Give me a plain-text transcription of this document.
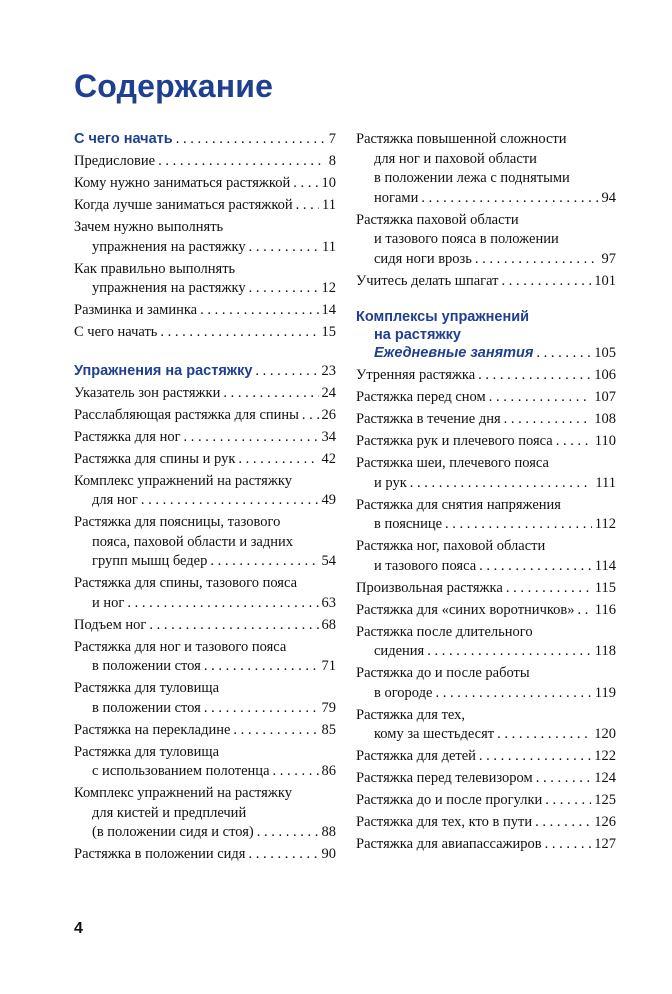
Содержание
С чего начать . . .	7
Предисловие . . .	8
Кому нужно заниматься растяжкой . . . 10
Когда лучше заниматься растяжкой . . . 11
Зачем нужно выполнять
упражнения на растяжку . . .	11
Как правильно выполнять
упражнения на растяжку . . .	12
Разминка и заминка . . .	14
С чего начать . . .	15
Упражнения на растяжку . . .	23
Указатель зон растяжки . . .	24
Расслабляющая растяжка для спины . . . 26
Растяжка для ног . . .	34
Растяжка для спины и рук . . .	42
Комплекс упражнений на растяжку
для ног . . .	49
Растяжка для поясницы, тазового
пояса, паховой области и задних
групп мышц бедер . . .	54
Растяжка для спины, тазового пояса
и ног . . .	63
Подъем ног . . .	68
Растяжка для ног и тазового пояса
в положении стоя . . .	71
Растяжка для туловища
в положении стоя . . .	79
Растяжка на перекладине . . .	85
Растяжка для туловища
с использованием полотенца . . .	86
Комплекс упражнений на растяжку
для кистей и предплечий
(в положении сидя и стоя) . . .	88
Растяжка в положении сидя . . .	90
Растяжка повышенной сложности
для ног и паховой области
в положении лежа с поднятыми
ногами . . .	94
Растяжка паховой области
и тазового пояса в положении
сидя ноги врозь . . .	97
Учитесь делать шпагат . . .	101
Комплексы упражнений
на растяжку
Ежедневные занятия . . .	105
Утренняя растяжка . . .	106
Растяжка перед сном . . .	107
Растяжка в течение дня . . .	108
Растяжка рук и плечевого пояса . . .	110
Растяжка шеи, плечевого пояса
и рук . . .	111
Растяжка для снятия напряжения
в пояснице . . .	112
Растяжка ног, паховой области
и тазового пояса . . .	114
Произвольная растяжка . . .	115
Растяжка для «синих воротничков» . . . 116
Растяжка после длительного
сидения . . .	118
Растяжка до и после работы
в огороде . . .	119
Растяжка для тех,
кому за шестьдесят . . .	120
Растяжка для детей . . .	122
Растяжка перед телевизором . . .	124
Растяжка до и после прогулки . . .	125
Растяжка для тех, кто в пути . . .	126
Растяжка для авиапассажиров . . .	127
4
